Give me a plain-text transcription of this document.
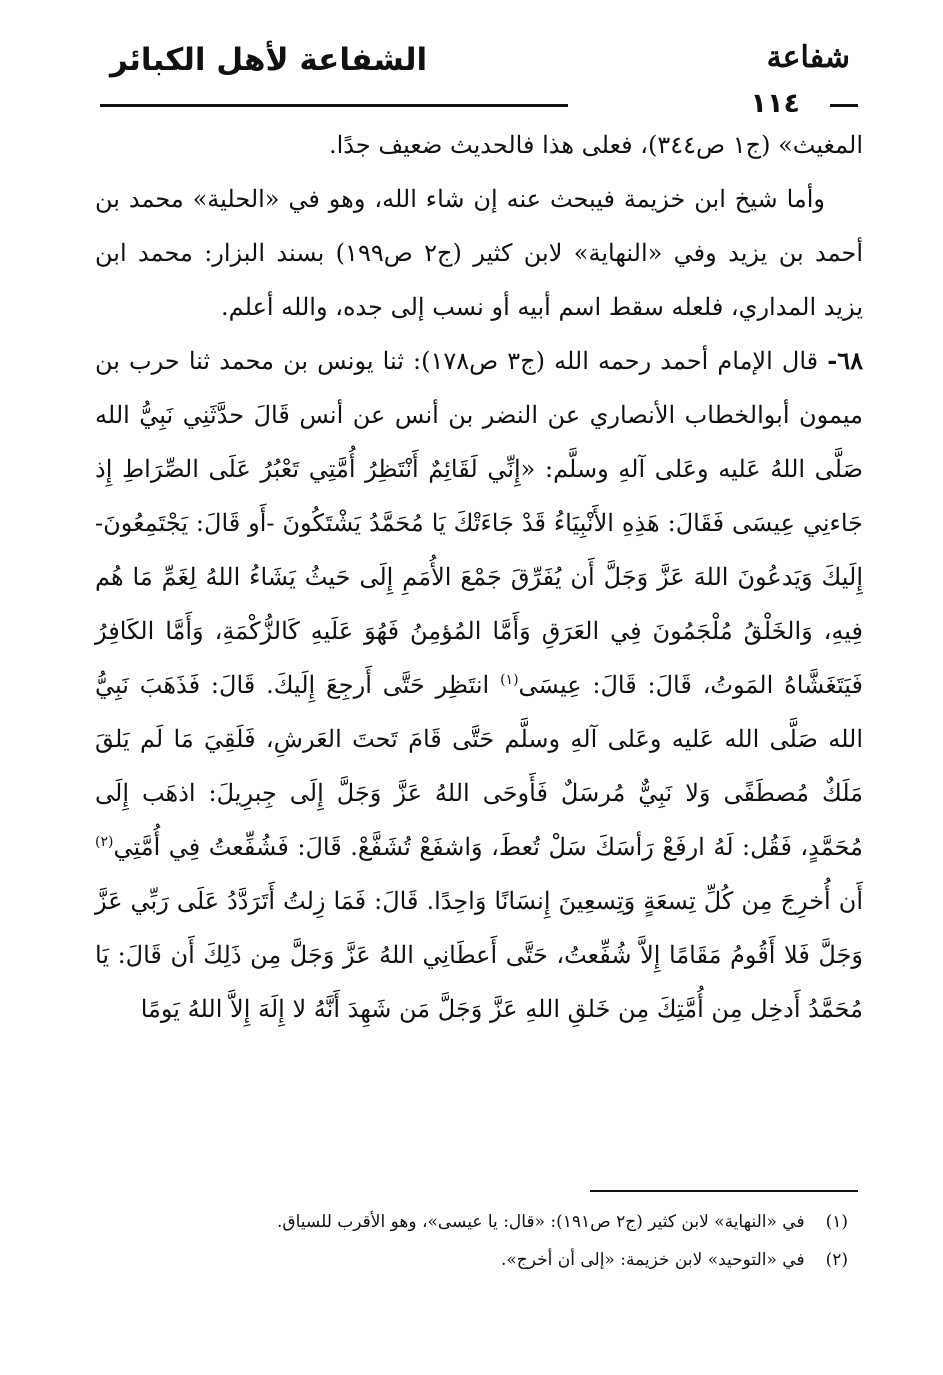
الشفاعة لأهل الكبائر	شفاعة
١١٤

المغيث» (ج١ ص٣٤٤)، فعلى هذا فالحديث ضعيف جدًا.

وأما شيخ ابن خزيمة فيبحث عنه إن شاء الله، وهو في «الحلية» محمد بن أحمد بن يزيد وفي «النهاية» لابن كثير (ج٢ ص١٩٩) بسند البزار: محمد ابن يزيد المداري، فلعله سقط اسم أبيه أو نسب إلى جده، والله أعلم.

٦٨- قال الإمام أحمد رحمه الله (ج٣ ص١٧٨): ثنا يونس بن محمد ثنا حرب بن ميمون أبوالخطاب الأنصاري عن النضر بن أنس عن أنس قَالَ حدَّثَنِي نَبِيُّ الله صَلَّى اللهُ عَليه وعَلى آلهِ وسلَّم: «إِنِّي لَقَائِمٌ أَنْتَظِرُ أُمَّتِي تَعْبُرُ عَلَى الصِّرَاطِ إِذ جَاءنِي عِيسَى فَقَالَ: هَذِهِ الأَنْبِيَاءُ قَدْ جَاءَتْكَ يَا مُحَمَّدُ يَشْتَكُونَ -أَو قَالَ: يَجْتَمِعُونَ- إِلَيكَ وَيَدعُونَ اللهَ عَزَّ وَجَلَّ أَن يُفَرِّقَ جَمْعَ الأُمَمِ إِلَى حَيثُ يَشَاءُ اللهُ لِغَمِّ مَا هُم فِيهِ، وَالخَلْقُ مُلْجَمُونَ فِي العَرَقِ وَأَمَّا المُؤمِنُ فَهُوَ عَلَيهِ كَالزُّكْمَةِ، وَأَمَّا الكَافِرُ فَيَتَغَشَّاهُ المَوتُ، قَالَ: قَالَ: عِيسَى$^{(١)}$ انتَظِر حَتَّى أَرجِعَ إِلَيكَ. قَالَ: فَذَهَبَ نَبِيُّ الله صَلَّى الله عَليه وعَلى آلهِ وسلَّم حَتَّى قَامَ تَحتَ العَرشِ، فَلَقِيَ مَا لَم يَلقَ مَلَكٌ مُصطَفًى وَلا نَبِيٌّ مُرسَلٌ فَأَوحَى اللهُ عَزَّ وَجَلَّ إِلَى جِبرِيلَ: اذهَب إِلَى مُحَمَّدٍ، فَقُل: لَهُ ارفَعْ رَأسَكَ سَلْ تُعطَ، وَاشفَعْ تُشَفَّعْ. قَالَ: فَشُفِّعتُ فِي أُمَّتِي$^{(٢)}$ أَن أُخرِجَ مِن كُلِّ تِسعَةٍ وَتِسعِينَ إِنسَانًا وَاحِدًا. قَالَ: فَمَا زِلتُ أَتَرَدَّدُ عَلَى رَبِّي عَزَّ وَجَلَّ فَلا أَقُومُ مَقَامًا إِلاَّ شُفِّعتُ، حَتَّى أَعطَانِي اللهُ عَزَّ وَجَلَّ مِن ذَلِكَ أَن قَالَ: يَا مُحَمَّدُ أَدخِل مِن أُمَّتِكَ مِن خَلقِ اللهِ عَزَّ وَجَلَّ مَن شَهِدَ أَنَّهُ لا إِلَهَ إِلاَّ اللهُ يَومًا

(١) في «النهاية» لابن كثير (ج٢ ص١٩١): «قال: يا عيسى»، وهو الأقرب للسياق.

(٢) في «التوحيد» لابن خزيمة: «إلى أن أخرج».
